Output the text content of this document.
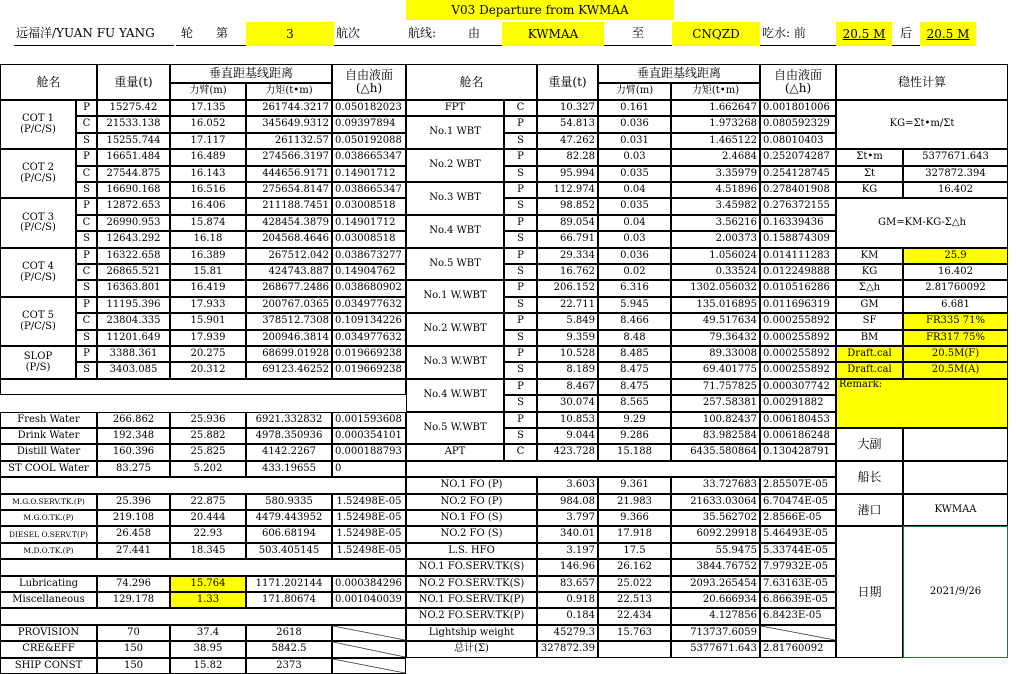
V03 Departure from KWMAA
远福洋/YUAN FU YANG	轮	第	3	航次	航线:	由	KWMAA	至	CNQZD	吃水: 前	20.5 M	后	20.5 M
舱名	重量(t)
垂直距基线距离
力臂(m)	力矩(t•m)
自由液面
(△h)	舱名	重量(t)
垂直距基线距离
力臂(m)	力矩(t•m)
自由液面
(△h)	稳性计算
COT 1
(P/C/S)
P	15275.42	17.135	261744.3217 0.050182023
C	21533.138	16.052	345649.9312 0.09397894
S	15255.744	17.117	261132.57 0.050192088
COT 2
(P/C/S)
P	16651.484	16.489	274566.3197 0.038665347
C	27544.875	16.143	444656.9171 0.14901712
S	16690.168	16.516	275654.8147 0.038665347
COT 3
(P/C/S)
P	12872.653	16.406	211188.7451 0.03008518
C	26990.953	15.874	428454.3879 0.14901712
S	12643.292	16.18	204568.4646 0.03008518
COT 4
(P/C/S)
P	16322.658	16.389	267512.042 0.038673277
C	26865.521	15.81	424743.887 0.14904762
S	16363.801	16.419	268677.2486 0.038680902
COT 5
(P/C/S)
P	11195.396	17.933	200767.0365 0.034977632
C	23804.335	15.901	378512.7308 0.109134226
S	11201.649	17.939	200946.3814 0.034977632
SLOP
(P/S)
P	3388.361	20.275	68699.01928 0.019669238
S	3403.085	20.312	69123.46252 0.019669238
Fresh Water	266.862	25.936	6921.332832	0.001593608
Drink Water	192.348	25.882	4978.350936	0.000354101
Distill Water	160.396	25.825	4142.2267	0.000188793
ST COOL Water	83.275	5.202	433.19655	0
M.G.O.SERV.TK.(P)	25.396	22.875	580.9335	1.52498E-05
M.G.O.TK.(P)	219.108	20.444	4479.443952	1.52498E-05
DIESEL O.SERV.T(P)	26.458	22.93	606.68194	1.52498E-05
M.D.O.TK.(P)	27.441	18.345	503.405145	1.52498E-05
Lubricating	74.296	15.764	1171.202144	0.000384296
Miscellaneous	129.178	1.33	171.80674	0.001040039
PROVISION	70	37.4	2618
CRE&EFF	150	38.95	5842.5
SHIP CONST	150	15.82	2373
FPT	C	10.327	0.161	1.662647 0.001801006
No.1 WBT
P	54.813	0.036	1.973268 0.080592329
S	47.262	0.031	1.465122 0.08010403
No.2 WBT
P	82.28	0.03	2.4684 0.252074287
S	95.994	0.035	3.35979 0.254128745
No.3 WBT
P	112.974	0.04	4.51896 0.278401908
S	98.852	0.035	3.45982 0.276372155
No.4 WBT
P	89.054	0.04	3.56216 0.16339436
S	66.791	0.03	2.00373 0.158874309
No.5 WBT
P	29.334	0.036	1.056024 0.014111283
S	16.762	0.02	0.33524 0.012249888
No.1 W.WBT
P	206.152	6.316	1302.056032 0.010516286
S	22.711	5.945	135.016895 0.011696319
No.2 W.WBT
P	5.849	8.466	49.517634 0.000255892
S	9.359	8.48	79.36432 0.000255892
No.3 W.WBT
P	10.528	8.485	89.33008 0.000255892
S	8.189	8.475	69.401775 0.000255892
No.4 W.WBT
P	8.467	8.475	71.757825 0.000307742
S	30.074	8.565	257.58381 0.00291882
No.5 W.WBT
P	10.853	9.29	100.82437 0.006180453
S	9.044	9.286	83.982584 0.006186248
APT	C	423.728	15.188	6435.580864 0.130428791
NO.1 FO (P)	3.603	9.361	33.727683 2.85507E-05
NO.2 FO (P)	984.08	21.983	21633.03064 6.70474E-05
NO.1 FO (S)	3.797	9.366	35.562702 2.8566E-05
NO.2 FO (S)	340.01	17.918	6092.29918 5.46493E-05
L.S. HFO	3.197	17.5	55.9475 5.33744E-05
NO.1 FO.SERV.TK(S)	146.96	26.162	3844.76752 7.97932E-05
NO.2 FO.SERV.TK(S)	83.657	25.022	2093.265454 7.63163E-05
NO.1 FO.SERV.TK(P)	0.918	22.513	20.666934 6.86639E-05
NO.2 FO.SERV.TK(P)	0.184	22.434	4.127856 6.8423E-05
Lightship weight	45279.3	15.763	713737.6059
总计(Σ)	327872.39	5377671.643 2.81760092
KG=Σt•m/Σt
Σt•m	5377671.643
Σt	327872.394
KG	16.402
GM=KM-KG-Σ△h
KM	25.9
KG	16.402
Σ△h	2.81760092
GM	6.681
SF	FR335 71%
BM	FR317 75%
Draft.cal	20.5M(F)
Draft.cal	20.5M(A)
Remark:
大副
船长
港口	KWMAA
日期	2021/9/26
